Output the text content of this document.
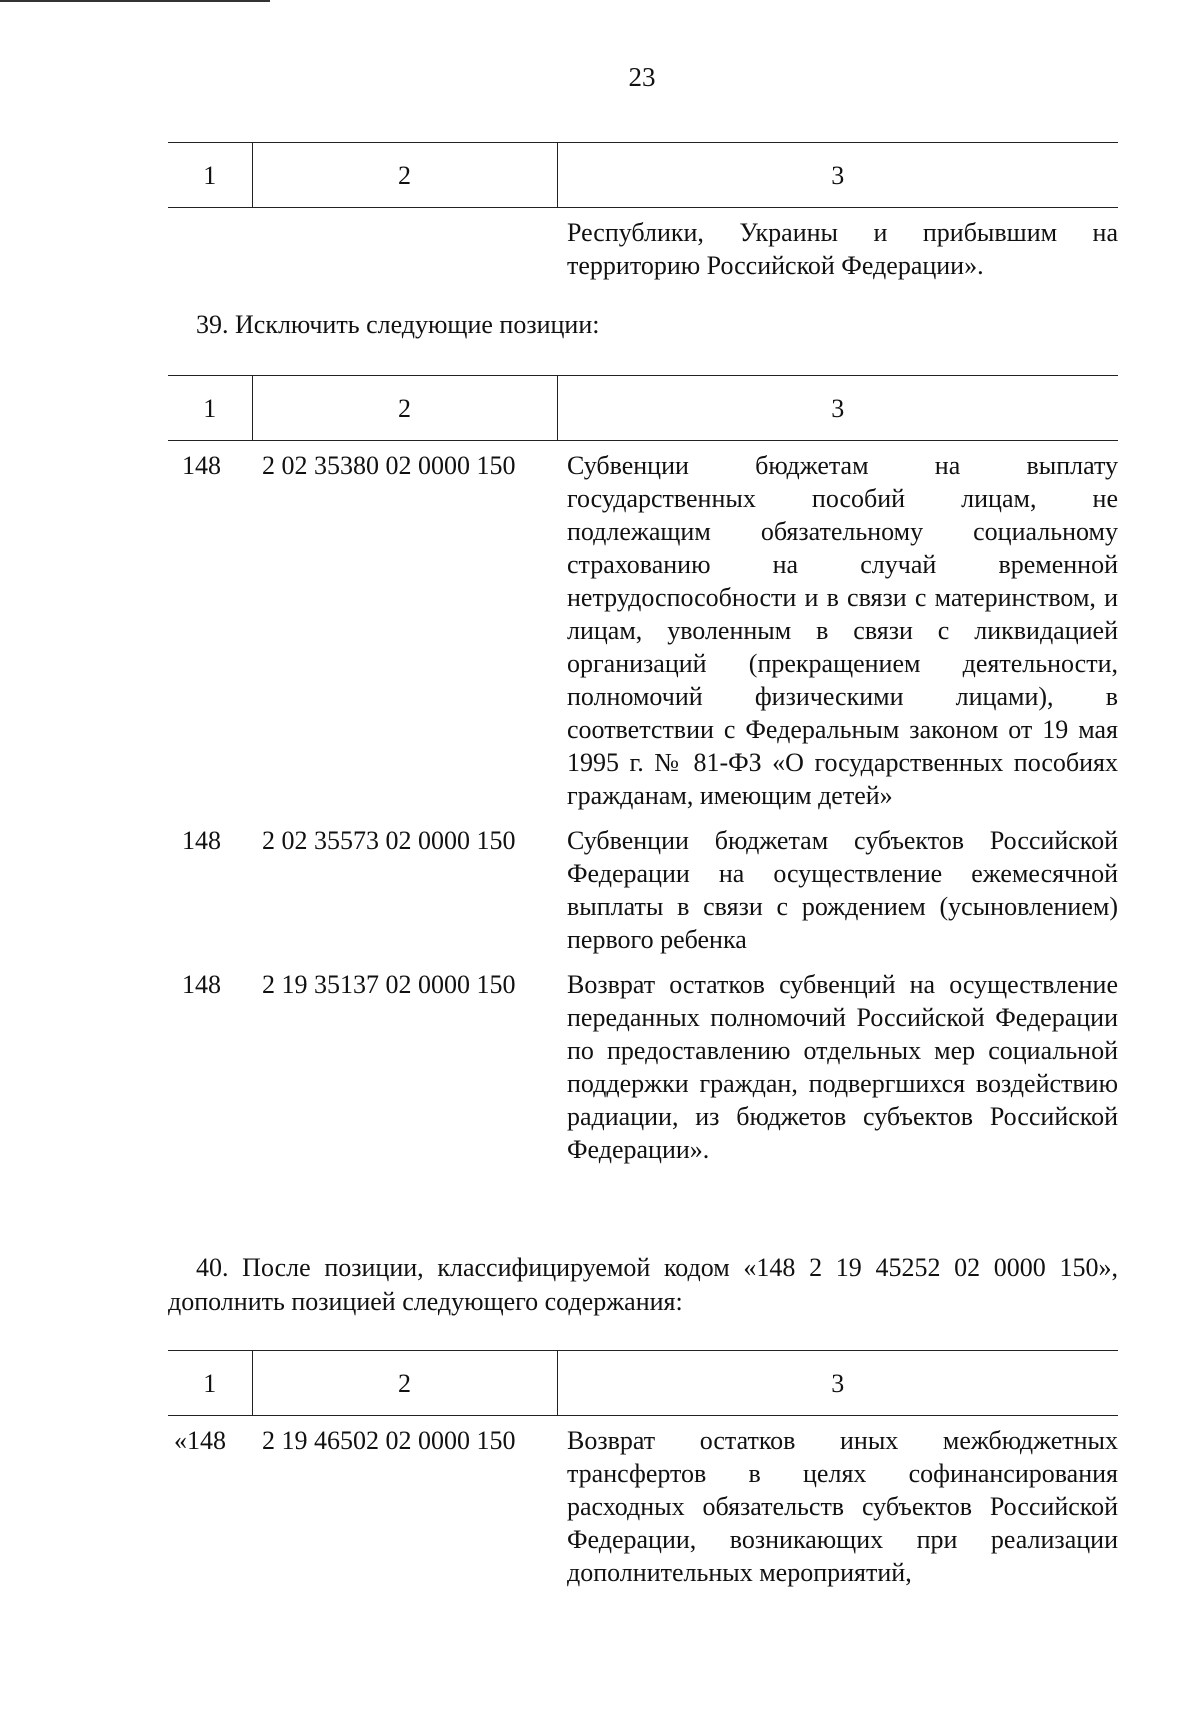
23
1	2	3
		Республики, Украины и прибывшим на территорию Российской Федерации».

39. Исключить следующие позиции:

1	2	3
148	2 02 35380 02 0000 150	Субвенции бюджетам на выплату государственных пособий лицам, не подлежащим обязательному социальному страхованию на случай временной нетрудоспособности и в связи с материнством, и лицам, уволенным в связи с ликвидацией организаций (прекращением деятельности, полномочий физическими лицами), в соответствии с Федеральным законом от 19 мая 1995 г. № 81-ФЗ «О государственных пособиях гражданам, имеющим детей»
148	2 02 35573 02 0000 150	Субвенции бюджетам субъектов Российской Федерации на осуществление ежемесячной выплаты в связи с рождением (усыновлением) первого ребенка
148	2 19 35137 02 0000 150	Возврат остатков субвенций на осуществление переданных полномочий Российской Федерации по предоставлению отдельных мер социальной поддержки граждан, подвергшихся воздействию радиации, из бюджетов субъектов Российской Федерации».

40. После позиции, классифицируемой кодом «148 2 19 45252 02 0000 150», дополнить позицией следующего содержания:

1	2	3
«148	2 19 46502 02 0000 150	Возврат остатков иных межбюджетных трансфертов в целях софинансирования расходных обязательств субъектов Российской Федерации, возникающих при реализации дополнительных мероприятий,
